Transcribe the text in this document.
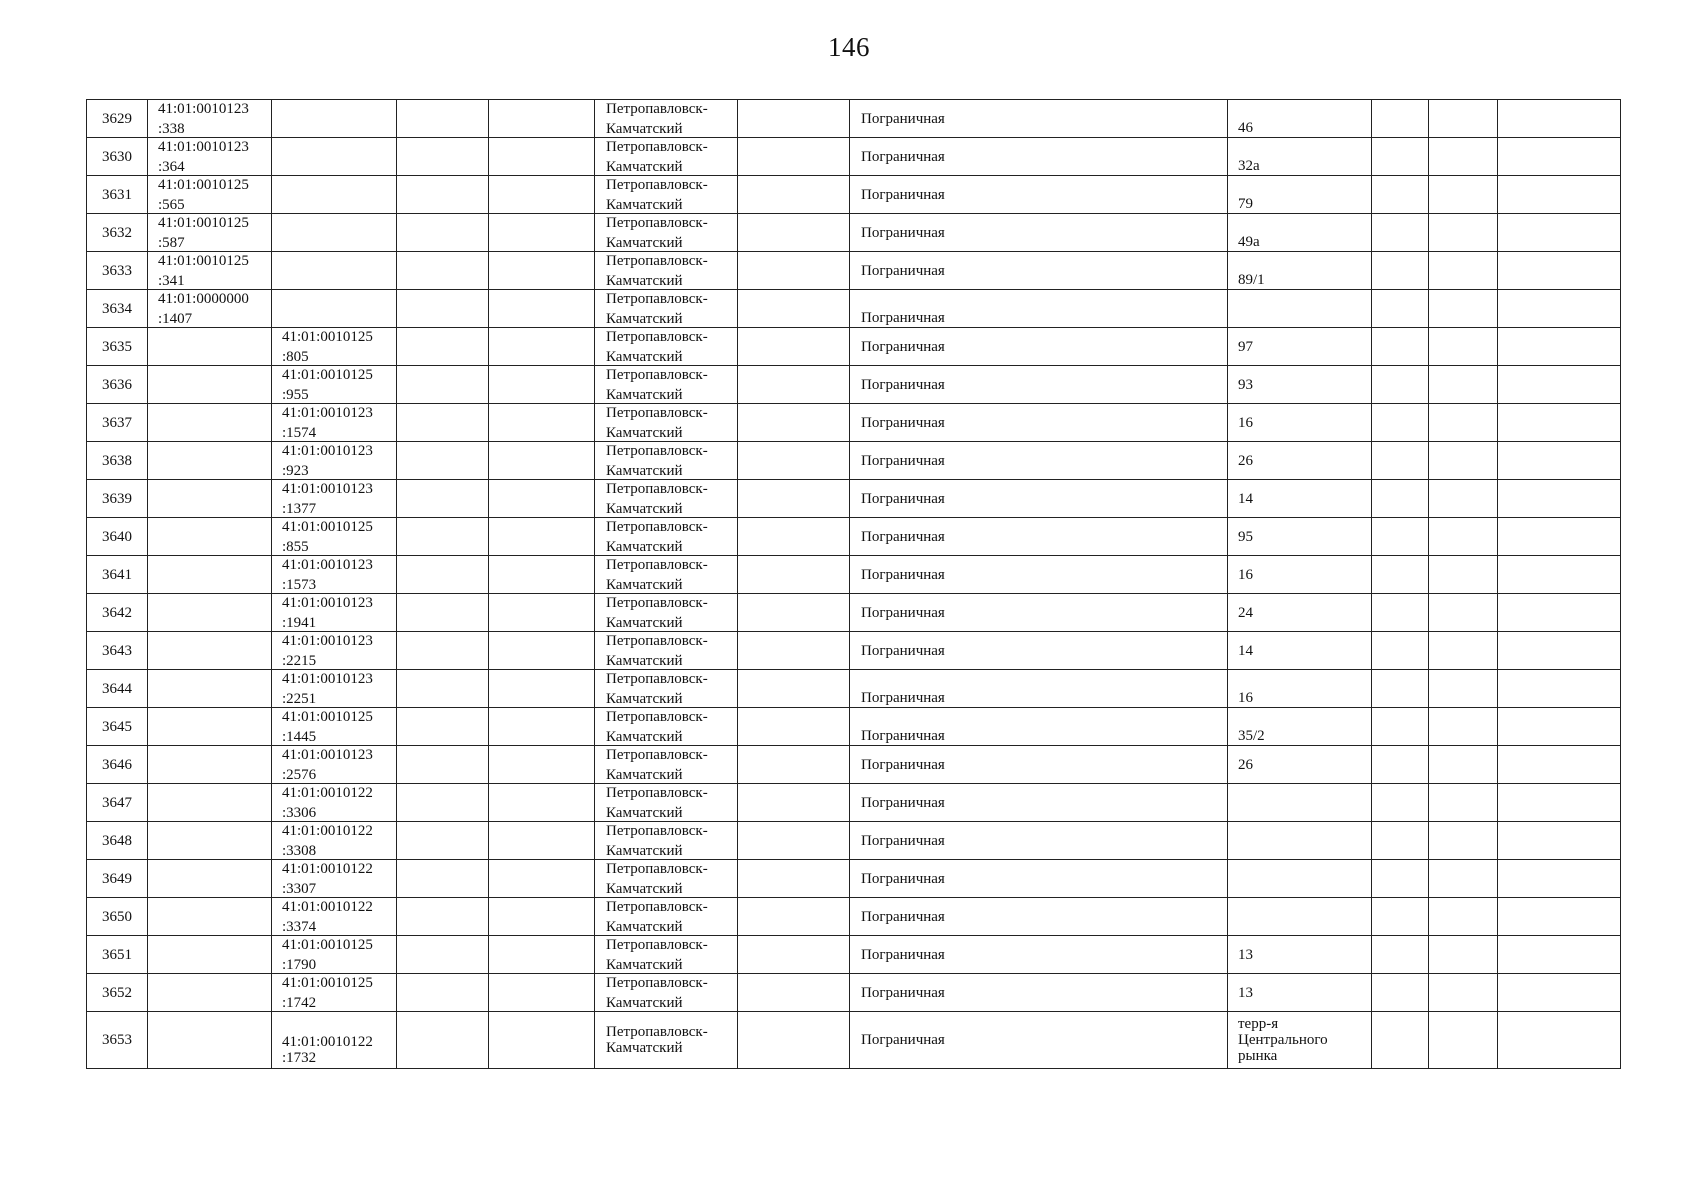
146
3629	41:01:0010123
:338				Петропавловск-
Камчатский		Пограничная	46			

3630	41:01:0010123
:364				Петропавловск-
Камчатский		Пограничная	32а			

3631	41:01:0010125
:565				Петропавловск-
Камчатский		Пограничная	79			

3632	41:01:0010125
:587				Петропавловск-
Камчатский		Пограничная	49а			

3633	41:01:0010125
:341				Петропавловск-
Камчатский		Пограничная	89/1			

3634	41:01:0000000
:1407				Петропавловск-
Камчатский		Пограничная				

3635		41:01:0010125
:805			Петропавловск-
Камчатский		Пограничная	97			

3636		41:01:0010125
:955			Петропавловск-
Камчатский		Пограничная	93			

3637		41:01:0010123
:1574			Петропавловск-
Камчатский		Пограничная	16			

3638		41:01:0010123
:923			Петропавловск-
Камчатский		Пограничная	26			

3639		41:01:0010123
:1377			Петропавловск-
Камчатский		Пограничная	14			

3640		41:01:0010125
:855			Петропавловск-
Камчатский		Пограничная	95			

3641		41:01:0010123
:1573			Петропавловск-
Камчатский		Пограничная	16			

3642		41:01:0010123
:1941			Петропавловск-
Камчатский		Пограничная	24			

3643		41:01:0010123
:2215			Петропавловск-
Камчатский		Пограничная	14			

3644		41:01:0010123
:2251			Петропавловск-
Камчатский		Пограничная	16			

3645		41:01:0010125
:1445			Петропавловск-
Камчатский		Пограничная	35/2			

3646		41:01:0010123
:2576			Петропавловск-
Камчатский		Пограничная	26			

3647		41:01:0010122
:3306			Петропавловск-
Камчатский		Пограничная				

3648		41:01:0010122
:3308			Петропавловск-
Камчатский		Пограничная				

3649		41:01:0010122
:3307			Петропавловск-
Камчатский		Пограничная				

3650		41:01:0010122
:3374			Петропавловск-
Камчатский		Пограничная				

3651		41:01:0010125
:1790			Петропавловск-
Камчатский		Пограничная	13			

3652		41:01:0010125
:1742			Петропавловск-
Камчатский		Пограничная	13			

3653		41:01:0010122
:1732			Петропавловск-
Камчатский		Пограничная	терр-я
Центрального
рынка			
